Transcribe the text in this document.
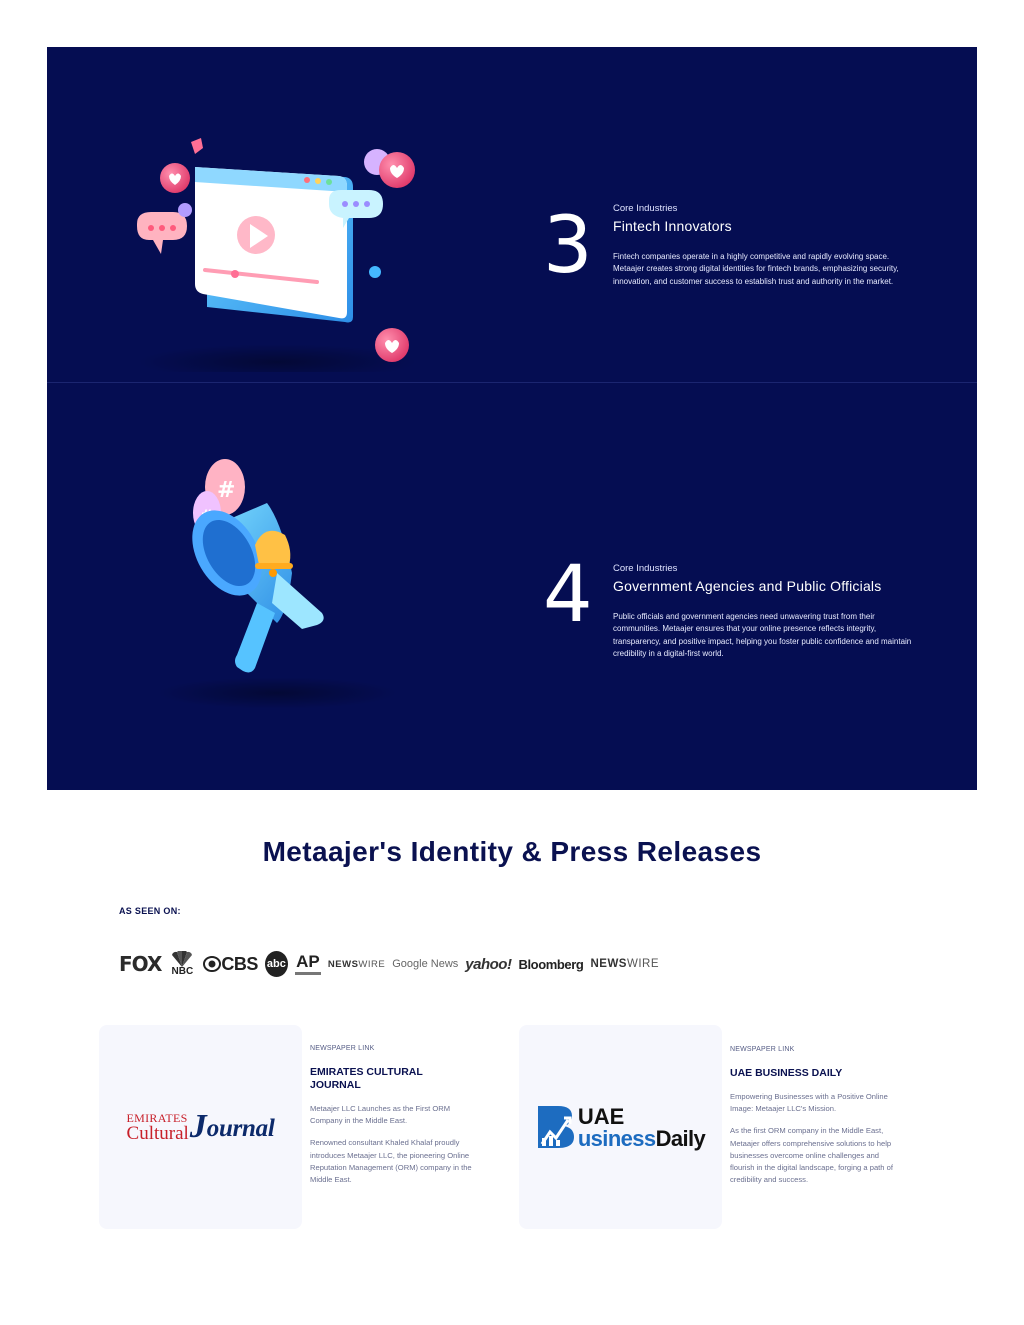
3 Core Industries
Fintech Innovators
Fintech companies operate in a highly competitive and rapidly evolving space. Metaajer creates strong digital identities for fintech brands, emphasizing security, innovation, and customer success to establish trust and authority in the market.
#
4 Core Industries
Government Agencies and Public Officials
Public officials and government agencies need unwavering trust from their communities. Metaajer ensures that your online presence reflects integrity, transparency, and positive impact, helping you foster public confidence and maintain credibility in a digital-first world.
Metaajer's Identity & Press Releases
AS SEEN ON:
FOX NBC CBS abc AP NEWS WIRE Google News yahoo! Bloomberg NEWS WIRE
EMIRATES
Cultural J ournal
NEWSPAPER LINK
EMIRATES CULTURAL JOURNAL

Metaajer LLC Launches as the First ORM Company in the Middle East.

Renowned consultant Khaled Khalaf proudly introduces Metaajer LLC, the pioneering Online Reputation Management (ORM) company in the Middle East.

UAE
usinessDaily
NEWSPAPER LINK
UAE BUSINESS DAILY

Empowering Businesses with a Positive Online Image: Metaajer LLC's Mission.

As the first ORM company in the Middle East, Metaajer offers comprehensive solutions to help businesses overcome online challenges and flourish in the digital landscape, forging a path of credibility and success.
